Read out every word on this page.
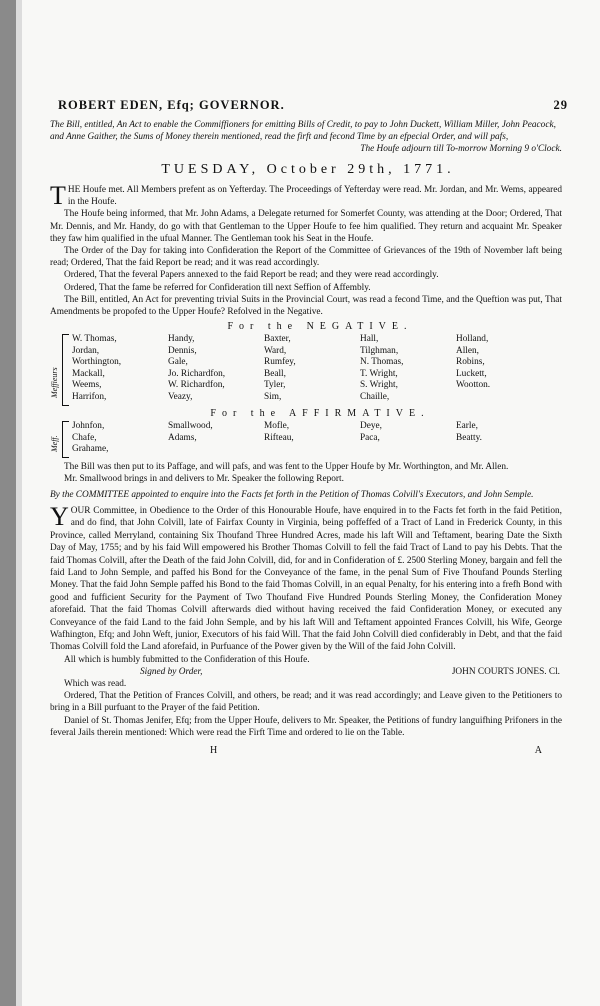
ROBERT EDEN, Efq; GOVERNOR.	29

The Bill, entitled, An Act to enable the Commiffioners for emitting Bills of Credit, to pay to John Duckett, William Miller, John Peacock, and Anne Gaither, the Sums of Money therein mentioned, read the firft and fecond Time by an efpecial Order, and will pafs,

The Houfe adjourn till To-morrow Morning 9 o'Clock.

TUESDAY, October 29th, 1771.

THE Houfe met. All Members prefent as on Yefterday. The Proceedings of Yefterday were read. Mr. Jordan, and Mr. Wems, appeared in the Houfe.

The Houfe being informed, that Mr. John Adams, a Delegate returned for Somerfet County, was attending at the Door; Ordered, That Mr. Dennis, and Mr. Handy, do go with that Gentleman to the Upper Houfe to fee him qualified. They return and acquaint Mr. Speaker they faw him qualified in the ufual Manner. The Gentleman took his Seat in the Houfe.

The Order of the Day for taking into Confideration the Report of the Committee of Grievances of the 19th of November laft being read; Ordered, That the faid Report be read; and it was read accordingly.

Ordered, That the feveral Papers annexed to the faid Report be read; and they were read accordingly.

Ordered, That the fame be referred for Confideration till next Seffion of Affembly.

The Bill, entitled, An Act for preventing trivial Suits in the Provincial Court, was read a fecond Time, and the Queftion was put, That Amendments be propofed to the Upper Houfe? Refolved in the Negative.

For the NEGATIVE.
Meffieurs
W. Thomas,	Handy,	Baxter,	Hall,	Holland,
Jordan,	Dennis,	Ward,	Tilghman,	Allen,
Worthington,	Gale,	Rumfey,	N. Thomas,	Robins,
Mackall,	Jo. Richardfon,	Beall,	T. Wright,	Luckett,
Weems,	W. Richardfon,	Tyler,	S. Wright,	Wootton.
Harrifon,	Veazy,	Sim,	Chaille,	
For the AFFIRMATIVE.
Meff.
Johnfon,	Smallwood,	Mofle,	Deye,	Earle,
Chafe,	Adams,	Rifteau,	Paca,	Beatty.
Grahame,				

The Bill was then put to its Paffage, and will pafs, and was fent to the Upper Houfe by Mr. Worthington, and Mr. Allen.

Mr. Smallwood brings in and delivers to Mr. Speaker the following Report.

By the COMMITTEE appointed to enquire into the Facts fet forth in the Petition of Thomas Colvill's Executors, and John Semple.

YOUR Committee, in Obedience to the Order of this Honourable Houfe, have enquired in to the Facts fet forth in the faid Petition, and do find, that John Colvill, late of Fairfax County in Virginia, being poffeffed of a Tract of Land in Frederick County, in this Province, called Merryland, containing Six Thoufand Three Hundred Acres, made his laft Will and Teftament, bearing Date the Sixth Day of May, 1755; and by his faid Will empowered his Brother Thomas Colvill to fell the faid Tract of Land to pay his Debts. That the faid Thomas Colvill, after the Death of the faid John Colvill, did, for and in Confideration of £. 2500 Sterling Money, bargain and fell the faid Land to John Semple, and paffed his Bond for the Conveyance of the fame, in the penal Sum of Five Thoufand Pounds Sterling Money. That the faid John Semple paffed his Bond to the faid Thomas Colvill, in an equal Penalty, for his entering into a frefh Bond with good and fufficient Security for the Payment of Two Thoufand Five Hundred Pounds Sterling Money, the Confideration Money aforefaid. That the faid Thomas Colvill afterwards died without having received the faid Confideration Money, or executed any Conveyance of the faid Land to the faid John Semple, and by his laft Will and Teftament appointed Frances Colvill, his Wife, George Wafhington, Efq; and John Weft, junior, Executors of his faid Will. That the faid John Colvill died confiderably in Debt, and that the faid Thomas Colvill fold the Land aforefaid, in Purfuance of the Power given by the Will of the faid John Colvill.

All which is humbly fubmitted to the Confideration of this Houfe.

Signed by Order,	JOHN COURTS JONES. Cl.

Which was read.

Ordered, That the Petition of Frances Colvill, and others, be read; and it was read accordingly; and Leave given to the Petitioners to bring in a Bill purfuant to the Prayer of the faid Petition.

Daniel of St. Thomas Jenifer, Efq; from the Upper Houfe, delivers to Mr. Speaker, the Petitions of fundry languifhing Prifoners in the feveral Jails therein mentioned: Which were read the Firft Time and ordered to lie on the Table.

H	A
